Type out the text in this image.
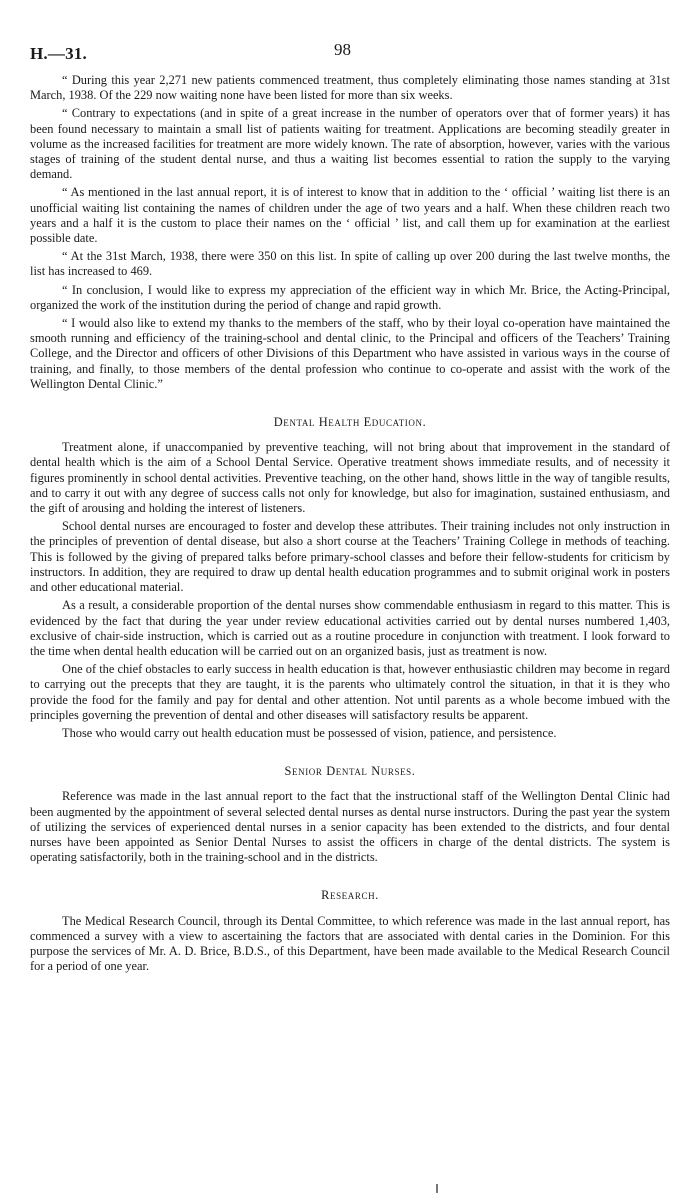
H.—31.	98

“ During this year 2,271 new patients commenced treatment, thus completely eliminating those names standing at 31st March, 1938. Of the 229 now waiting none have been listed for more than six weeks.

“ Contrary to expectations (and in spite of a great increase in the number of operators over that of former years) it has been found necessary to maintain a small list of patients waiting for treatment. Applications are becoming steadily greater in volume as the increased facilities for treatment are more widely known. The rate of absorption, however, varies with the various stages of training of the student dental nurse, and thus a waiting list becomes essential to ration the supply to the varying demand.

“ As mentioned in the last annual report, it is of interest to know that in addition to the ‘ official ’ waiting list there is an unofficial waiting list containing the names of children under the age of two years and a half. When these children reach two years and a half it is the custom to place their names on the ‘ official ’ list, and call them up for examination at the earliest possible date.

“ At the 31st March, 1938, there were 350 on this list. In spite of calling up over 200 during the last twelve months, the list has increased to 469.

“ In conclusion, I would like to express my appreciation of the efficient way in which Mr. Brice, the Acting-Principal, organized the work of the institution during the period of change and rapid growth.

“ I would also like to extend my thanks to the members of the staff, who by their loyal co-operation have maintained the smooth running and efficiency of the training-school and dental clinic, to the Principal and officers of the Teachers’ Training College, and the Director and officers of other Divisions of this Department who have assisted in various ways in the course of training, and finally, to those members of the dental profession who continue to co-operate and assist with the work of the Wellington Dental Clinic.”

Dental Health Education.

Treatment alone, if unaccompanied by preventive teaching, will not bring about that improvement in the standard of dental health which is the aim of a School Dental Service. Operative treatment shows immediate results, and of necessity it figures prominently in school dental activities. Preventive teaching, on the other hand, shows little in the way of tangible results, and to carry it out with any degree of success calls not only for knowledge, but also for imagination, sustained enthusiasm, and the gift of arousing and holding the interest of listeners.

School dental nurses are encouraged to foster and develop these attributes. Their training includes not only instruction in the principles of prevention of dental disease, but also a short course at the Teachers’ Training College in methods of teaching. This is followed by the giving of prepared talks before primary-school classes and before their fellow-students for criticism by instructors. In addition, they are required to draw up dental health education programmes and to submit original work in posters and other educational material.

As a result, a considerable proportion of the dental nurses show commendable enthusiasm in regard to this matter. This is evidenced by the fact that during the year under review educational activities carried out by dental nurses numbered 1,403, exclusive of chair-side instruction, which is carried out as a routine procedure in conjunction with treatment. I look forward to the time when dental health education will be carried out on an organized basis, just as treatment is now.

One of the chief obstacles to early success in health education is that, however enthusiastic children may become in regard to carrying out the precepts that they are taught, it is the parents who ultimately control the situation, in that it is they who provide the food for the family and pay for dental and other attention. Not until parents as a whole become imbued with the principles governing the prevention of dental and other diseases will satisfactory results be apparent.

Those who would carry out health education must be possessed of vision, patience, and persistence.

Senior Dental Nurses.

Reference was made in the last annual report to the fact that the instructional staff of the Wellington Dental Clinic had been augmented by the appointment of several selected dental nurses as dental nurse instructors. During the past year the system of utilizing the services of experienced dental nurses in a senior capacity has been extended to the districts, and four dental nurses have been appointed as Senior Dental Nurses to assist the officers in charge of the dental districts. The system is operating satisfactorily, both in the training-school and in the districts.

Research.

The Medical Research Council, through its Dental Committee, to which reference was made in the last annual report, has commenced a survey with a view to ascertaining the factors that are associated with dental caries in the Dominion. For this purpose the services of Mr. A. D. Brice, B.D.S., of this Department, have been made available to the Medical Research Council for a period of one year.
